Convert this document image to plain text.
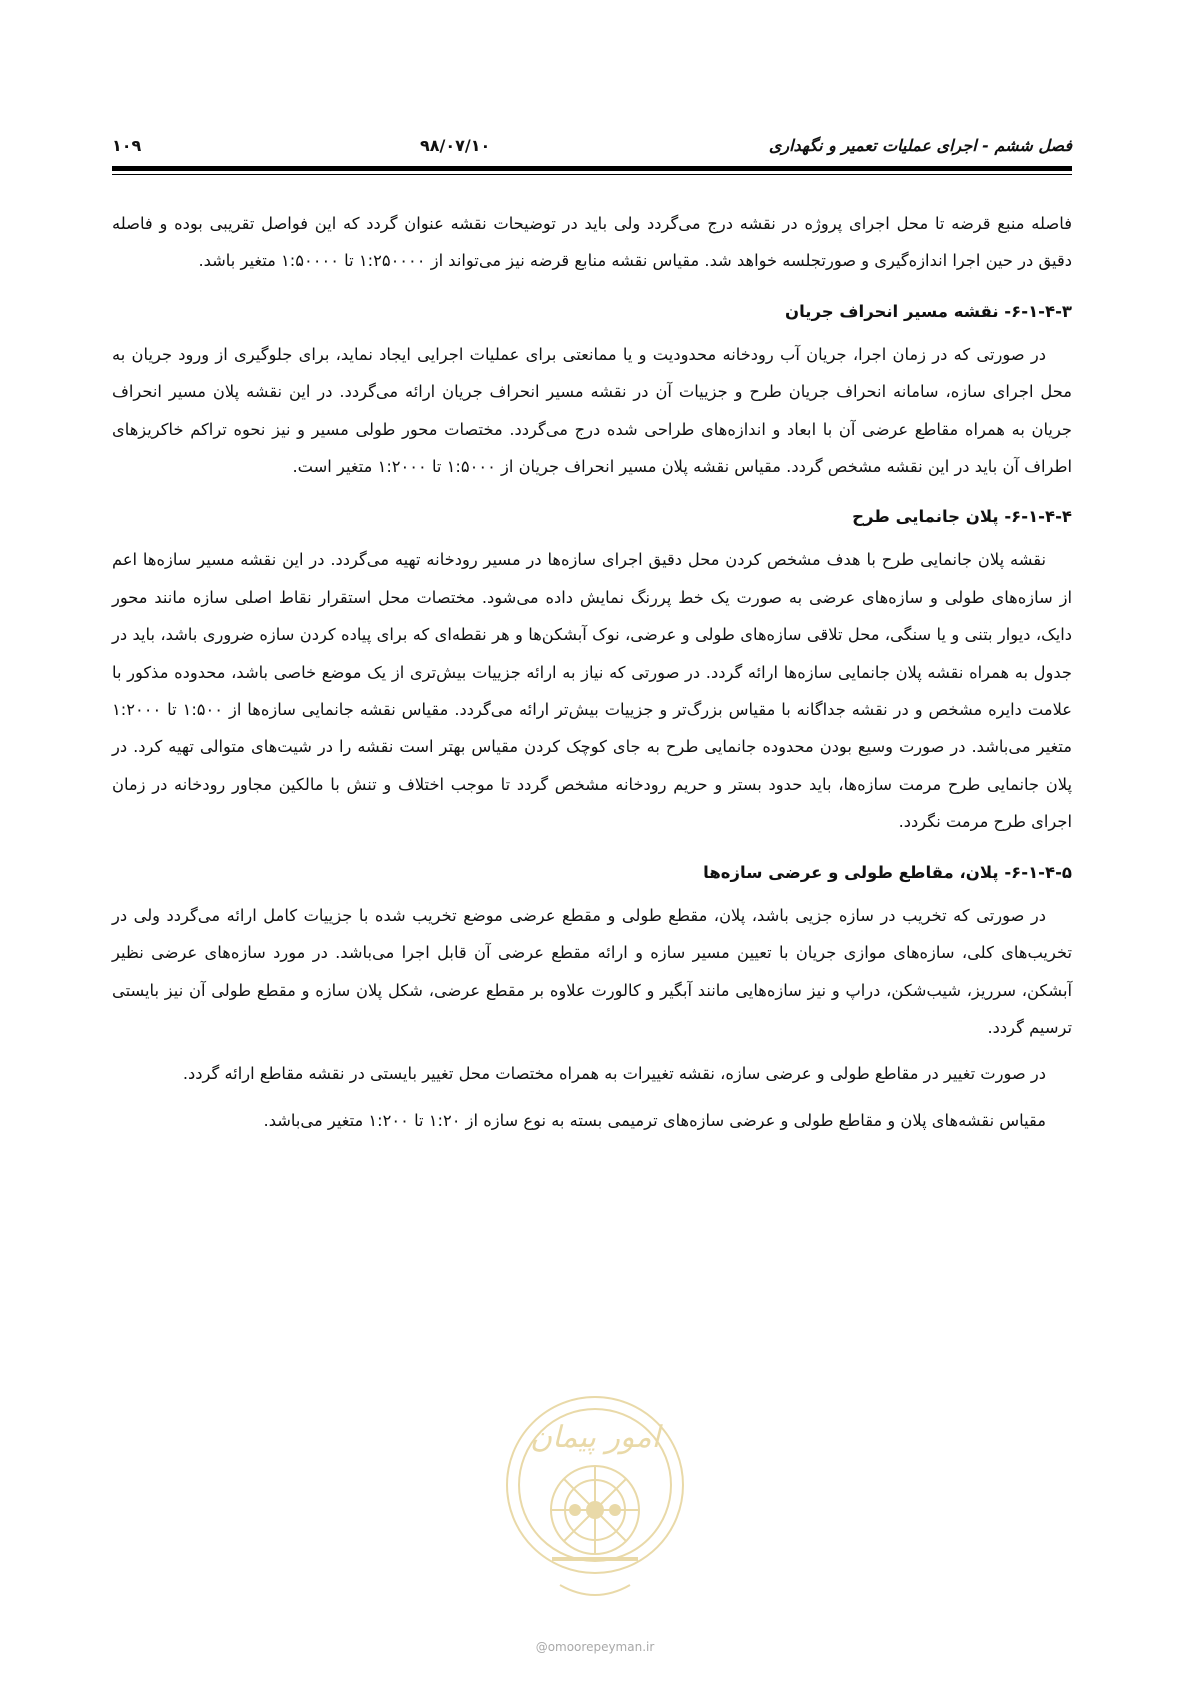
فصل ششم - اجرای عملیات تعمیر و نگهداری
۹۸/۰۷/۱۰
۱۰۹

فاصله منبع قرضه تا محل اجرای پروژه در نقشه درج می‌گردد ولی باید در توضیحات نقشه عنوان گردد که این فواصل تقریبی بوده و فاصله دقیق در حین اجرا اندازه‌گیری و صورتجلسه خواهد شد. مقیاس نقشه منابع قرضه نیز می‌تواند از ۱:۲۵۰۰۰۰ تا ۱:۵۰۰۰۰ متغیر باشد.

۶-۱-۴-۳- نقشه مسیر انحراف جریان

در صورتی که در زمان اجرا، جریان آب رودخانه محدودیت و یا ممانعتی برای عملیات اجرایی ایجاد نماید، برای جلوگیری از ورود جریان به محل اجرای سازه، سامانه انحراف جریان طرح و جزییات آن در نقشه مسیر انحراف جریان ارائه می‌گردد. در این نقشه پلان مسیر انحراف جریان به همراه مقاطع عرضی آن با ابعاد و اندازه‌های طراحی شده درج می‌گردد. مختصات محور طولی مسیر و نیز نحوه تراکم خاکریزهای اطراف آن باید در این نقشه مشخص گردد. مقیاس نقشه پلان مسیر انحراف جریان از ۱:۵۰۰۰ تا ۱:۲۰۰۰ متغیر است.

۶-۱-۴-۴- پلان جانمایی طرح

نقشه پلان جانمایی طرح با هدف مشخص کردن محل دقیق اجرای سازه‌ها در مسیر رودخانه تهیه می‌گردد. در این نقشه مسیر سازه‌ها اعم از سازه‌های طولی و سازه‌های عرضی به صورت یک خط پررنگ نمایش داده می‌شود. مختصات محل استقرار نقاط اصلی سازه مانند محور دایک، دیوار بتنی و یا سنگی، محل تلاقی سازه‌های طولی و عرضی، نوک آبشکن‌ها و هر نقطه‌ای که برای پیاده کردن سازه ضروری باشد، باید در جدول به همراه نقشه پلان جانمایی سازه‌ها ارائه گردد. در صورتی که نیاز به ارائه جزییات بیش‌تری از یک موضع خاصی باشد، محدوده مذکور با علامت دایره مشخص و در نقشه جداگانه با مقیاس بزرگ‌تر و جزییات بیش‌تر ارائه می‌گردد. مقیاس نقشه جانمایی سازه‌ها از ۱:۵۰۰ تا ۱:۲۰۰۰ متغیر می‌باشد. در صورت وسیع بودن محدوده جانمایی طرح به جای کوچک کردن مقیاس بهتر است نقشه را در شیت‌های متوالی تهیه کرد. در پلان جانمایی طرح مرمت سازه‌ها، باید حدود بستر و حریم رودخانه مشخص گردد تا موجب اختلاف و تنش با مالکین مجاور رودخانه در زمان اجرای طرح مرمت نگردد.

۶-۱-۴-۵- پلان، مقاطع طولی و عرضی سازه‌ها

در صورتی که تخریب در سازه جزیی باشد، پلان، مقطع طولی و مقطع عرضی موضع تخریب شده با جزییات کامل ارائه می‌گردد ولی در تخریب‌های کلی، سازه‌های موازی جریان با تعیین مسیر سازه و ارائه مقطع عرضی آن قابل اجرا می‌باشد. در مورد سازه‌های عرضی نظیر آبشکن، سرریز، شیب‌شکن، دراپ و نیز سازه‌هایی مانند آبگیر و کالورت علاوه بر مقطع عرضی، شکل پلان سازه و مقطع طولی آن نیز بایستی ترسیم گردد.

در صورت تغییر در مقاطع طولی و عرضی سازه، نقشه تغییرات به همراه مختصات محل تغییر بایستی در نقشه مقاطع ارائه گردد.

مقیاس نقشه‌های پلان و مقاطع طولی و عرضی سازه‌های ترمیمی بسته به نوع سازه از ۱:۲۰ تا ۱:۲۰۰ متغیر می‌باشد.

امور پیمان
@omoorepeyman.ir
